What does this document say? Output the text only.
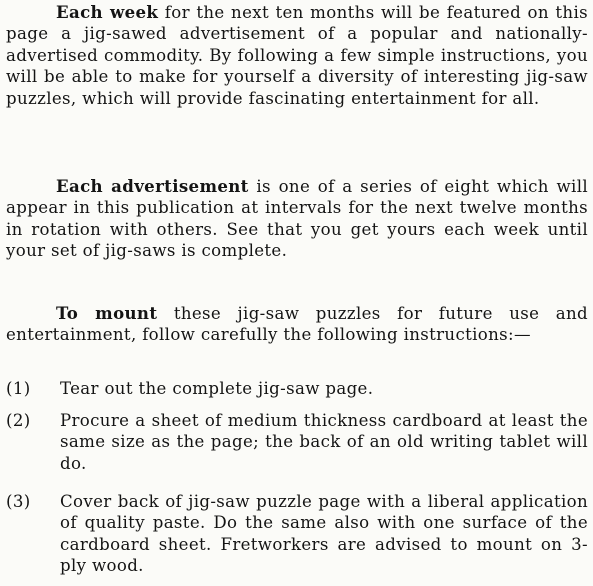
Each week for the next ten months will be featured on this page a jig-sawed advertisement of a popular and nationally-advertised commodity. By following a few simple instructions, you will be able to make for yourself a diversity of interesting jig-saw puzzles, which will provide fascinating entertainment for all.

Each advertisement is one of a series of eight which will appear in this publication at intervals for the next twelve months in rotation with others. See that you get yours each week until your set of jig-saws is complete.

To mount these jig-saw puzzles for future use and entertainment, follow carefully the following instructions:—

(1)	Tear out the complete jig-saw page.
(2)	Procure a sheet of medium thickness cardboard at least the same size as the page; the back of an old writing tablet will do.
(3)	Cover back of jig-saw puzzle page with a liberal application of quality paste. Do the same also with one surface of the cardboard sheet. Fretworkers are advised to mount on 3-ply wood.
